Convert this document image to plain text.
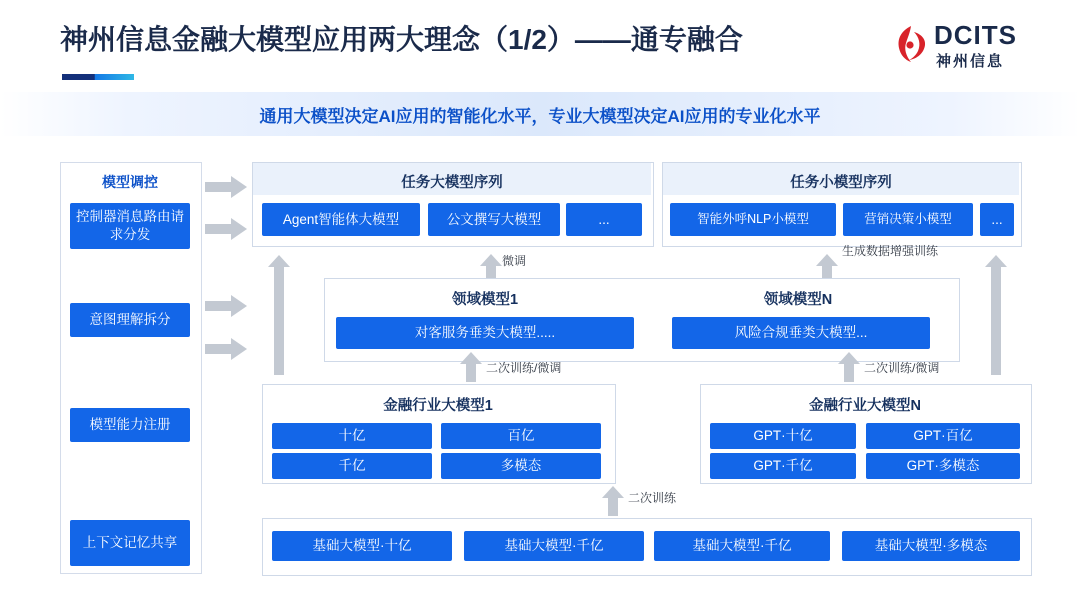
神州信息金融大模型应用两大理念（1/2）——通专融合	DCITS
神州信息
通用大模型决定AI应用的智能化水平，专业大模型决定AI应用的专业化水平
模型调控
控制器消息路由请求分发
意图理解拆分
模型能力注册
上下文记忆共享
任务大模型序列
Agent智能体大模型	公文撰写大模型	...
任务小模型序列
智能外呼NLP小模型	营销决策小模型	...
微调
生成数据增强训练
领域模型1
对客服务垂类大模型.....
领域模型N
风险合规垂类大模型...
二次训练/微调	二次训练/微调
金融行业大模型1
十亿	百亿
千亿	多模态
金融行业大模型N
GPT·十亿	GPT·百亿
GPT·千亿	GPT·多模态
二次训练
基础大模型·十亿	基础大模型·千亿	基础大模型·千亿	基础大模型·多模态
